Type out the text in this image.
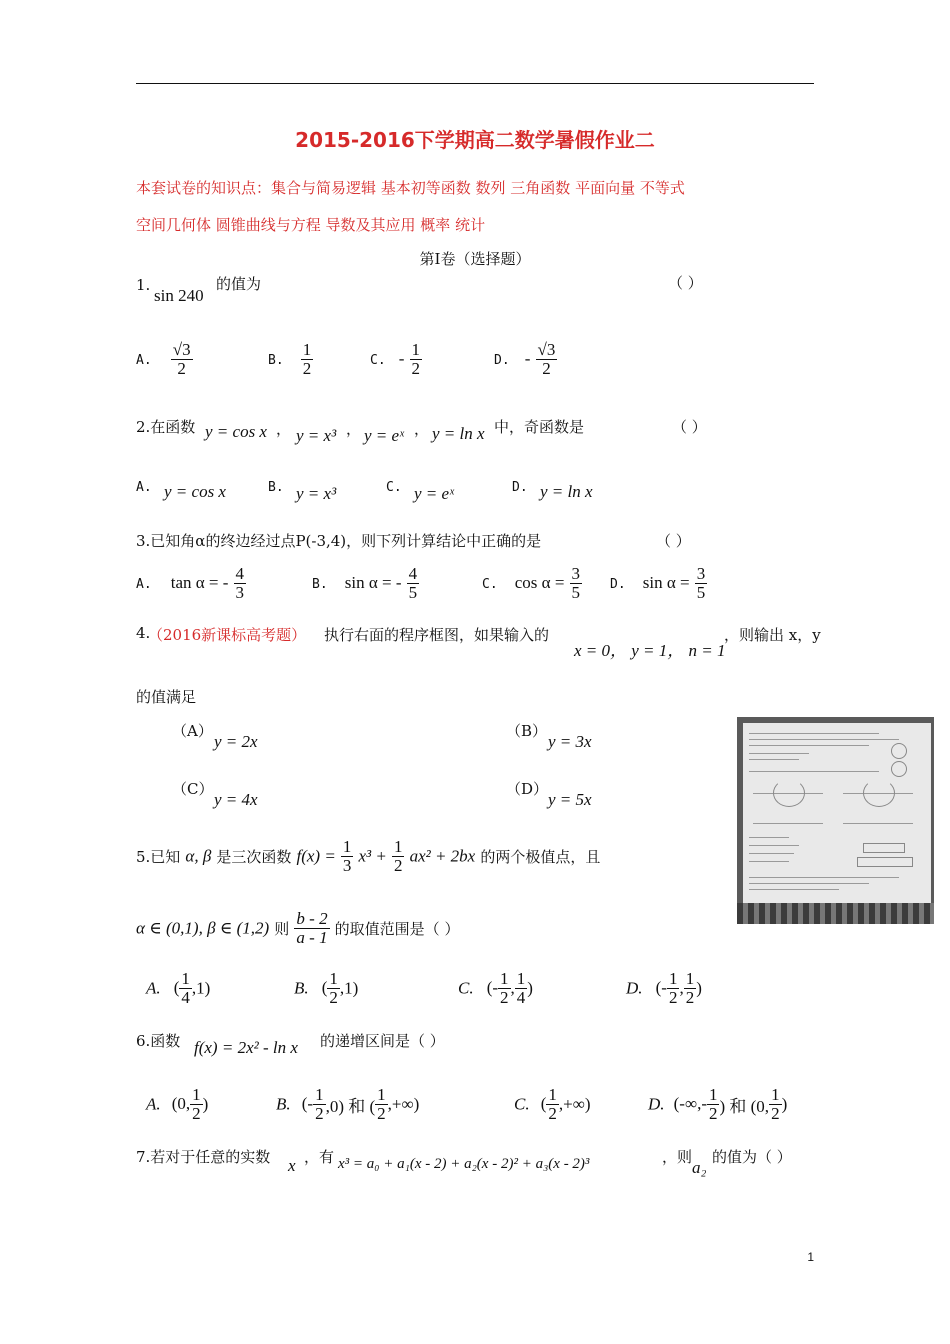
2015-2016下学期高二数学暑假作业二
本套试卷的知识点：集合与简易逻辑 基本初等函数 数列 三角函数 平面向量 不等式
空间几何体 圆锥曲线与方程 导数及其应用 概率 统计
第Ⅰ卷（选择题）
1.
sin 240
的值为	（ ）
A. $\frac{√3}{2}$	B. $\frac{1}{2}$	C. - $\frac{1}{2}$	D. - $\frac{√3}{2}$
2.在函数 y = cos x ， y = x³ ， y = eˣ ， y = ln x 中，奇函数是	（ ）
A. y = cos x	B. y = x³	C. y = eˣ	D. y = ln x
3.已知角α的终边经过点P(-3,4)，则下列计算结论中正确的是	（ ）
A. tan α = - $\frac{4}{3}$	B. sin α = - $\frac{4}{5}$	C. $\cos \alpha = \frac{3}{5} D$. $\sin \alpha = \frac{3}{5}$
4.
（2016新课标高考题） 执行右面的程序框图，如果输入的
x = 0， y = 1， n = 1
，则输出 x，y
的值满足
（A）
y = 2x
（B）
y = 3x
（C）
y = 4x
（D）
y = 5x
5.已知 α, β 是三次函数 $f(x) = \frac{1}{3} x^3 + \frac{1}{2} ax^2 + 2bx$ 的两个极值点，且
α ∈ (0,1), β ∈ (1,2) 则 $\frac{b - 2}{a - 1}$ 的取值范围是（ ）
A. ( $\frac{1}{4} ,1$)	B. ( $\frac{1}{2} ,1$)	C. (- $\frac{1}{2}$ , $\frac{1}{4}$ )	D. (- $\frac{1}{2}$ , $\frac{1}{2}$ )
6.函数 f(x) = 2x² - ln x 的递增区间是（ ）
A. (0, $\frac{1}{2}$ )	B. (- $\frac{1}{2} ,0$) 和 ( $\frac{1}{2}$ ,+∞)	C. ( $\frac{1}{2}$ ,+∞)	D. (-∞,- $\frac{1}{2}$ ) 和 (0, $\frac{1}{2}$ )
7.若对于任意的实数 x ，有 x³ = a₀ + a₁(x - 2) + a₂(x - 2)² + a₃(x - 2)³	，则
a₂
的值为（ ）
1
